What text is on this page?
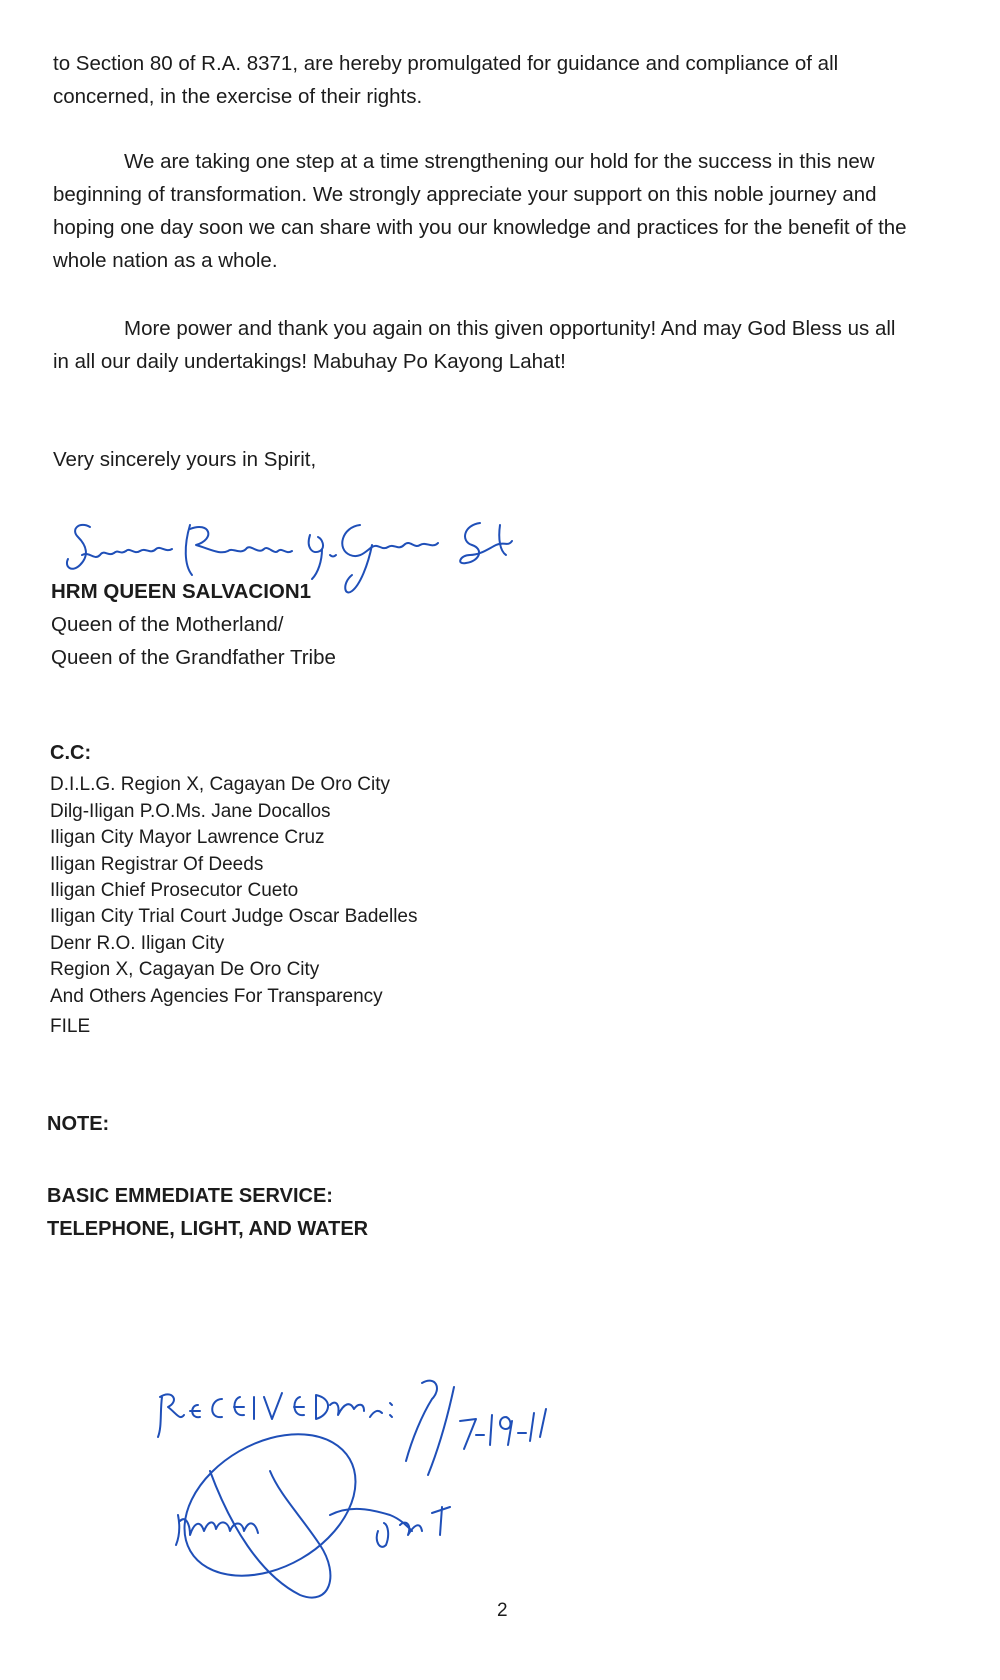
to Section 80 of R.A. 8371, are hereby promulgated for guidance and compliance of all
concerned, in the exercise of their rights.

We are taking one step at a time strengthening our hold for the success in this new
beginning of transformation. We strongly appreciate your support on this noble journey and
hoping one day soon we can share with you our knowledge and practices for the benefit of the
whole nation as a whole.

More power and thank you again on this given opportunity! And may God Bless us all
in all our daily undertakings! Mabuhay Po Kayong Lahat!

Very sincerely yours in Spirit,

HRM QUEEN SALVACION1
Queen of the Motherland/
Queen of the Grandfather Tribe
C.C:
D.I.L.G. Region X, Cagayan De Oro City
Dilg-Iligan P.O.Ms. Jane Docallos
Iligan City Mayor Lawrence Cruz
Iligan Registrar Of Deeds
Iligan Chief Prosecutor Cueto
Iligan City Trial Court Judge Oscar Badelles
Denr R.O. Iligan City
Region X, Cagayan De Oro City
And Others Agencies For Transparency
FILE
NOTE:
BASIC EMMEDIATE SERVICE:
TELEPHONE, LIGHT, AND WATER
2
